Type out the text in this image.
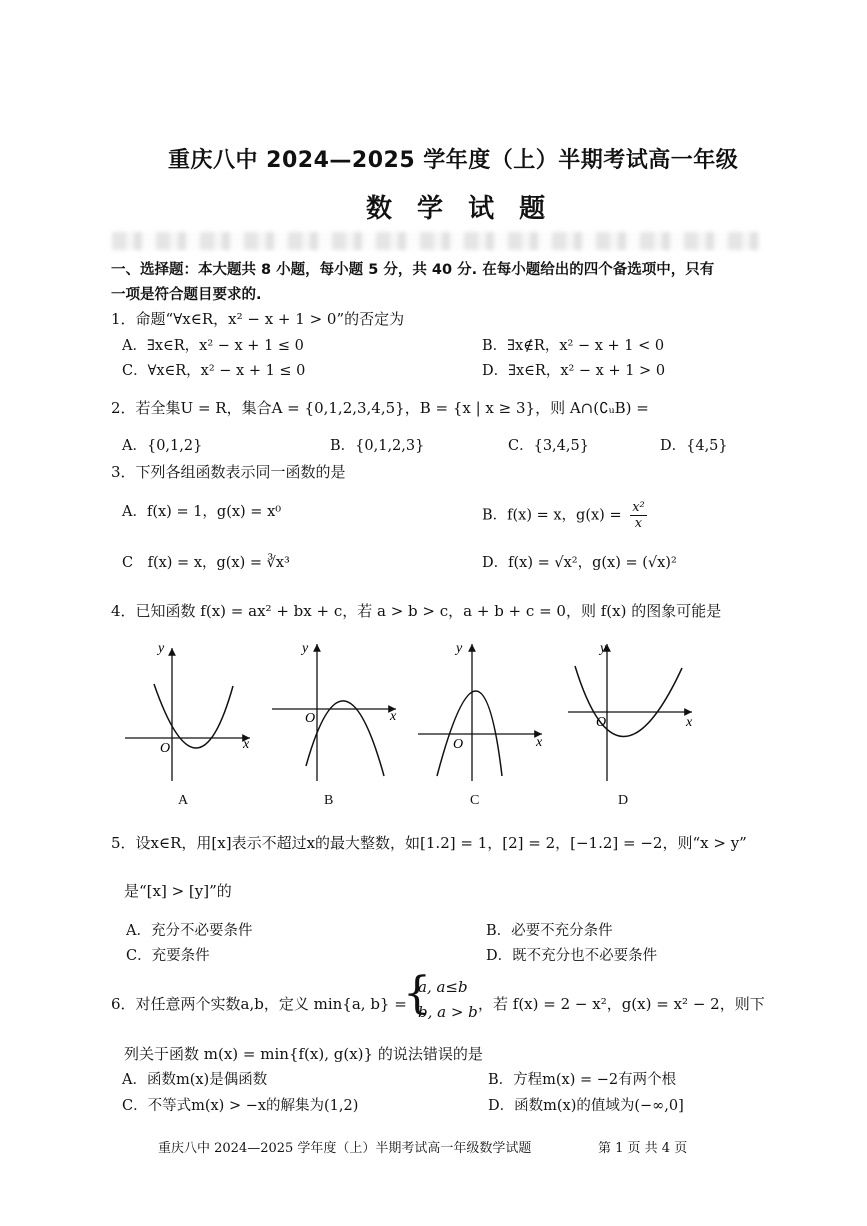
重庆八中 2024—2025 学年度（上）半期考试高一年级
数 学 试 题
一、选择题：本大题共 8 小题，每小题 5 分，共 40 分. 在每小题给出的四个备选项中，只有
一项是符合题目要求的.
1．命题“∀x∈R，x² − x + 1 > 0”的否定为
A．∃x∈R，x² − x + 1 ≤ 0	B．∃x∉R，x² − x + 1 < 0
C．∀x∈R，x² − x + 1 ≤ 0	D．∃x∈R，x² − x + 1 > 0
2．若全集U = R，集合A = {0,1,2,3,4,5}，B = {x | x ≥ 3}，则 A∩(∁ᵤB) =
A．{0,1,2}	B．{0,1,2,3}	C．{3,4,5}	D．{4,5}
3．下列各组函数表示同一函数的是
A．f(x) = 1，g(x) = x⁰	B．f(x) = x，$g(x) = \frac{\text{x²}}{x}$
C　f(x) = x，g(x) = ∛x³	D．f(x) = √x²，g(x) = (√x)²
4．已知函数 f(x) = ax² + bx + c，若 a > b > c，a + b + c = 0，则 f(x) 的图象可能是
y
x
O
y
x
O
y
x
O
y
x
O
A	B	C	D
5．设x∈R，用[x]表示不超过x的最大整数，如[1.2] = 1，[2] = 2，[−1.2] = −2，则“x > y”
是“[x] > [y]”的
A．充分不必要条件	B．必要不充分条件
C．充要条件	D．既不充分也不必要条件
6．对任意两个实数a,b，定义 min{a, b} =
{
a, a≤b
b, a > b ，若 f(x) = 2 − x²，g(x) = x² − 2，则下
列关于函数 m(x) = min{f(x), g(x)} 的说法错误的是
A．函数m(x)是偶函数	B．方程m(x) = −2有两个根
C．不等式m(x) > −x的解集为(1,2)	D．函数m(x)的值域为(−∞,0]
重庆八中 2024—2025 学年度（上）半期考试高一年级数学试题	第 1 页 共 4 页
